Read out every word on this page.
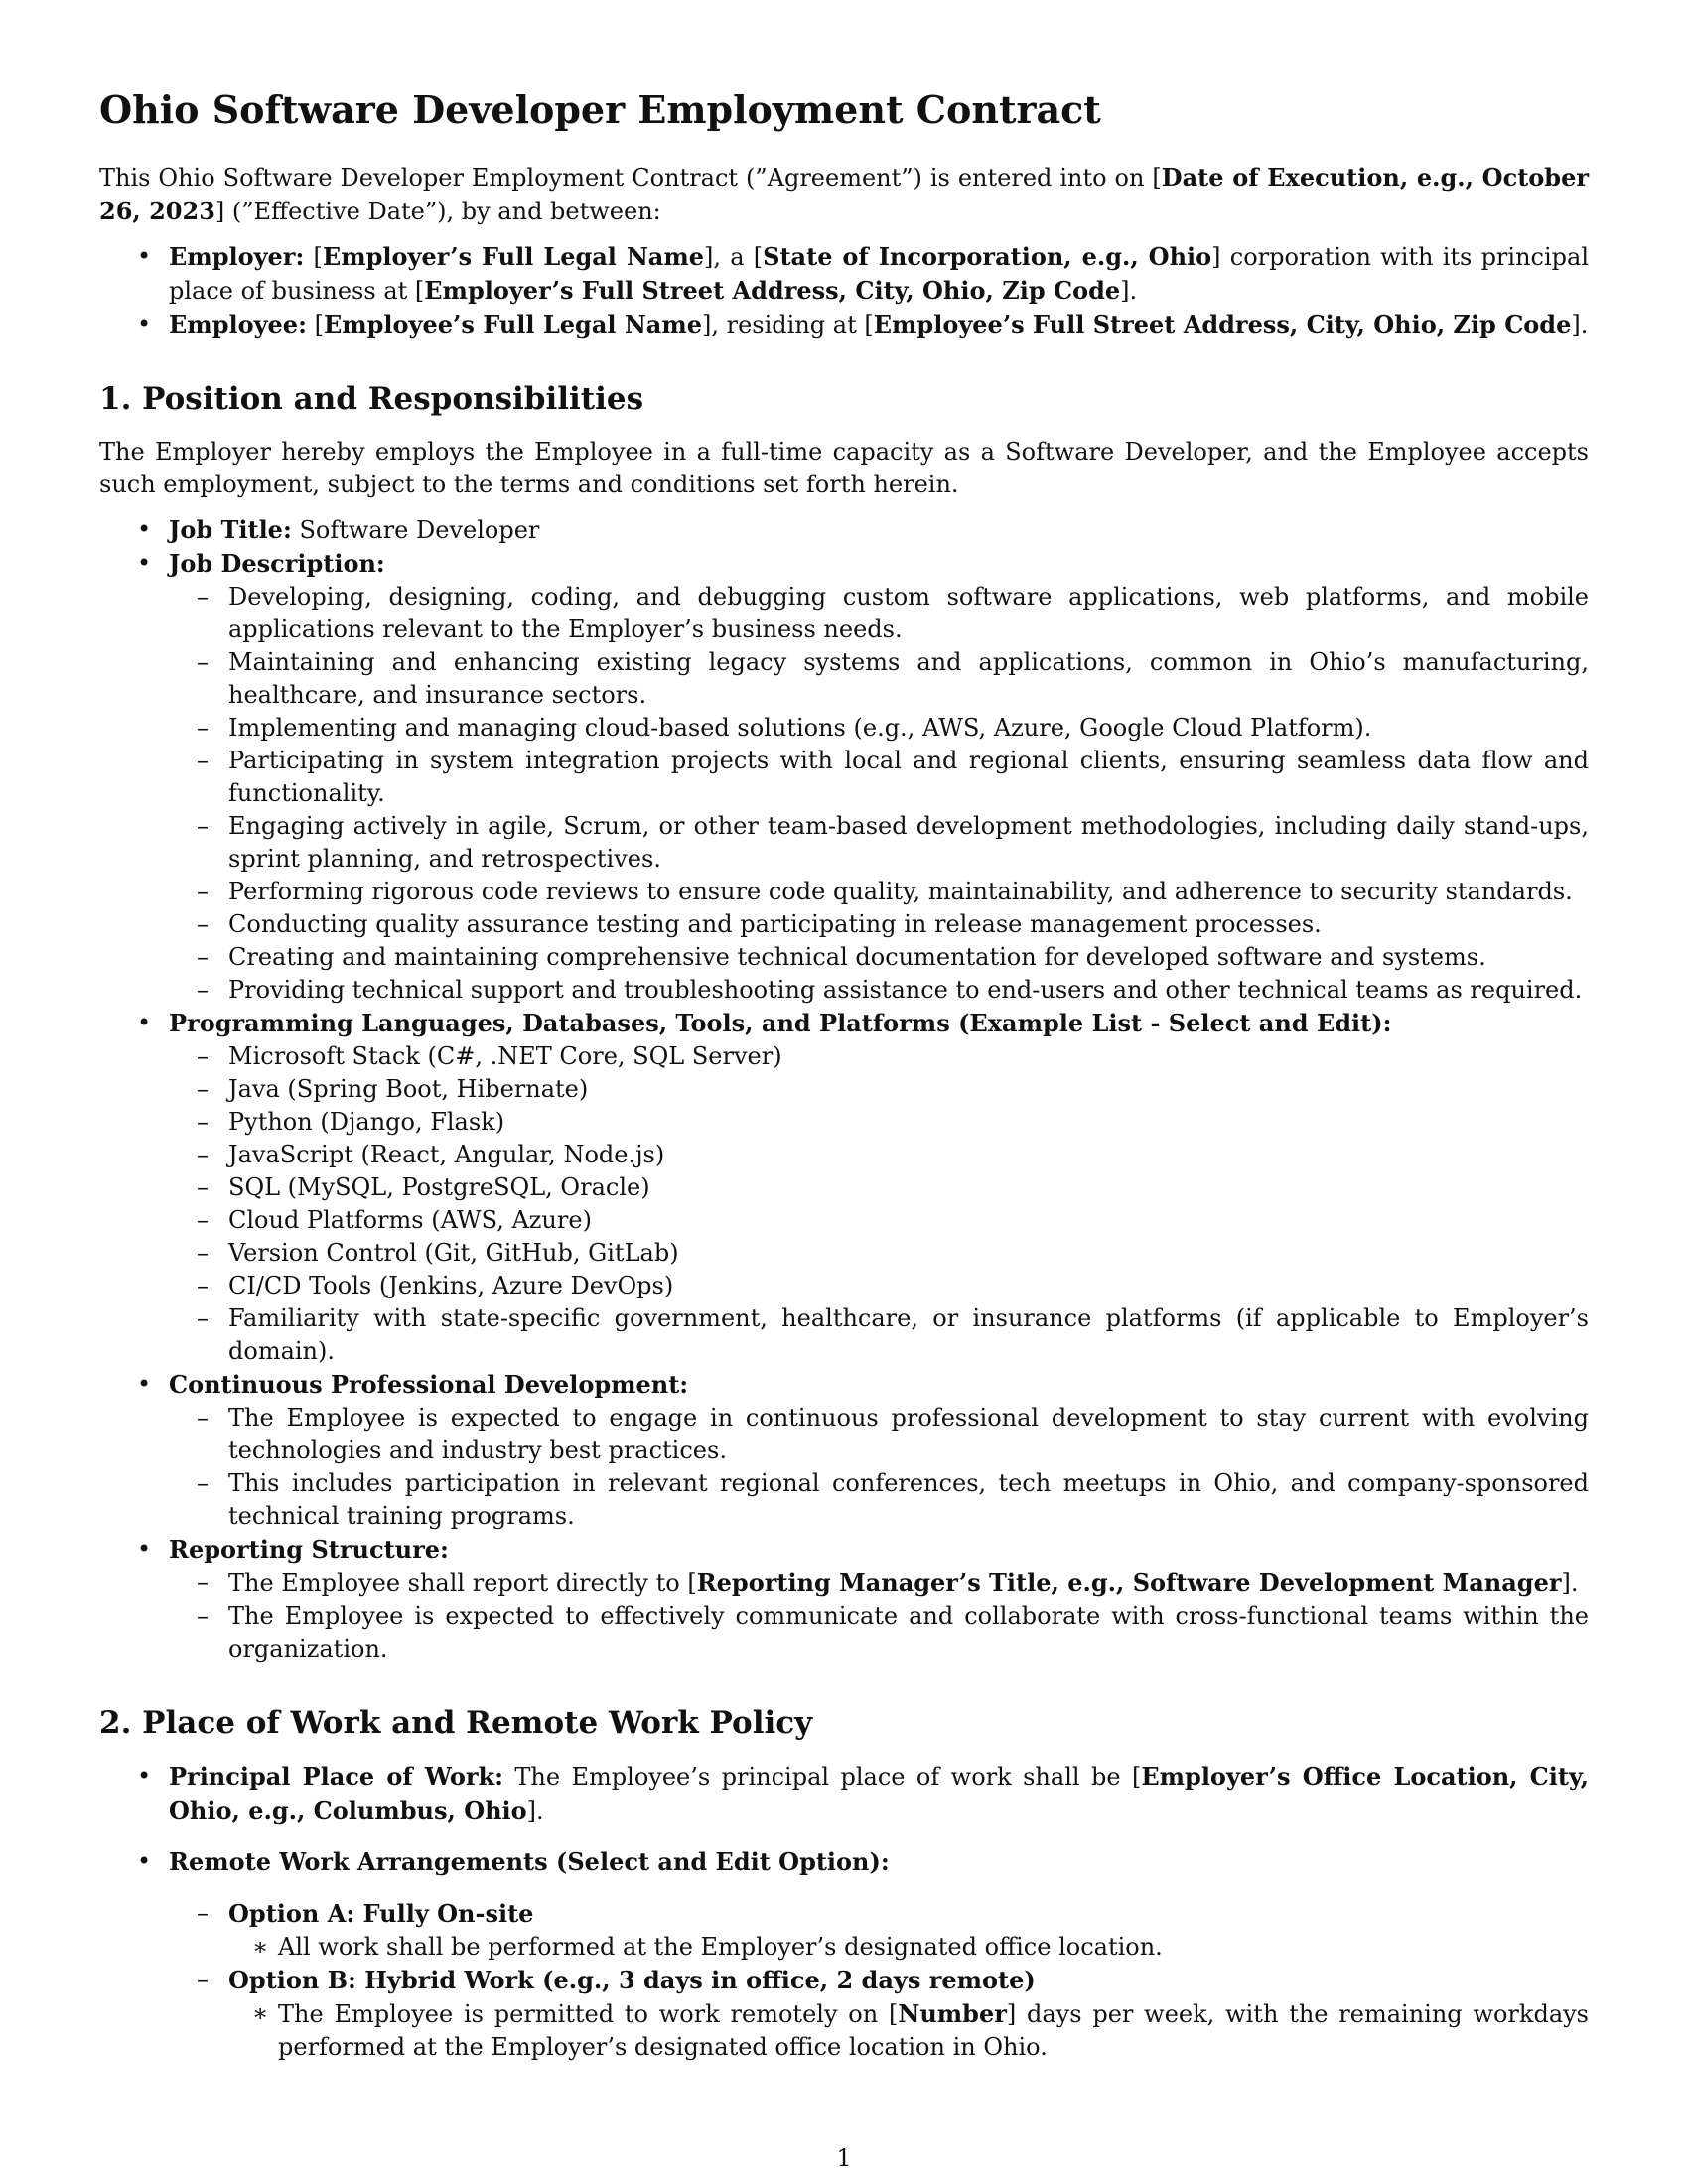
Ohio Software Developer Employment Contract

This Ohio Software Developer Employment Contract (”Agreement”) is entered into on [Date of Execution, e.g., October 26, 2023] (”Effective Date”), by and between:

• Employer: [Employer’s Full Legal Name], a [State of Incorporation, e.g., Ohio] corporation with its principal place of business at [Employer’s Full Street Address, City, Ohio, Zip Code].
• Employee: [Employee’s Full Legal Name], residing at [Employee’s Full Street Address, City, Ohio, Zip Code].
1. Position and Responsibilities

The Employer hereby employs the Employee in a full-time capacity as a Software Developer, and the Employee accepts such employment, subject to the terms and conditions set forth herein.

• Job Title: Software Developer
• Job Description:
– Developing, designing, coding, and debugging custom software applications, web platforms, and mobile applications relevant to the Employer’s business needs.
– Maintaining and enhancing existing legacy systems and applications, common in Ohio’s manufacturing, healthcare, and insurance sectors.
– Implementing and managing cloud-based solutions (e.g., AWS, Azure, Google Cloud Platform).
– Participating in system integration projects with local and regional clients, ensuring seamless data flow and functionality.
– Engaging actively in agile, Scrum, or other team-based development methodologies, including daily stand-ups, sprint planning, and retrospectives.
– Performing rigorous code reviews to ensure code quality, maintainability, and adherence to security standards.
– Conducting quality assurance testing and participating in release management processes.
– Creating and maintaining comprehensive technical documentation for developed software and systems.
– Providing technical support and troubleshooting assistance to end-users and other technical teams as required.
• Programming Languages, Databases, Tools, and Platforms (Example List - Select and Edit):
– Microsoft Stack (C#, .NET Core, SQL Server)
– Java (Spring Boot, Hibernate)
– Python (Django, Flask)
– JavaScript (React, Angular, Node.js)
– SQL (MySQL, PostgreSQL, Oracle)
– Cloud Platforms (AWS, Azure)
– Version Control (Git, GitHub, GitLab)
– CI/CD Tools (Jenkins, Azure DevOps)
– Familiarity with state-specific government, healthcare, or insurance platforms (if applicable to Employer’s domain).
• Continuous Professional Development:
– The Employee is expected to engage in continuous professional development to stay current with evolving technologies and industry best practices.
– This includes participation in relevant regional conferences, tech meetups in Ohio, and company-sponsored technical training programs.
• Reporting Structure:
– The Employee shall report directly to [Reporting Manager’s Title, e.g., Software Development Manager].
– The Employee is expected to effectively communicate and collaborate with cross-functional teams within the organization.
2. Place of Work and Remote Work Policy
• Principal Place of Work: The Employee’s principal place of work shall be [Employer’s Office Location, City, Ohio, e.g., Columbus, Ohio].
• Remote Work Arrangements (Select and Edit Option):
– Option A: Fully On-site
∗ All work shall be performed at the Employer’s designated office location.
– Option B: Hybrid Work (e.g., 3 days in office, 2 days remote)
∗ The Employee is permitted to work remotely on [Number] days per week, with the remaining workdays performed at the Employer’s designated office location in Ohio.
1
